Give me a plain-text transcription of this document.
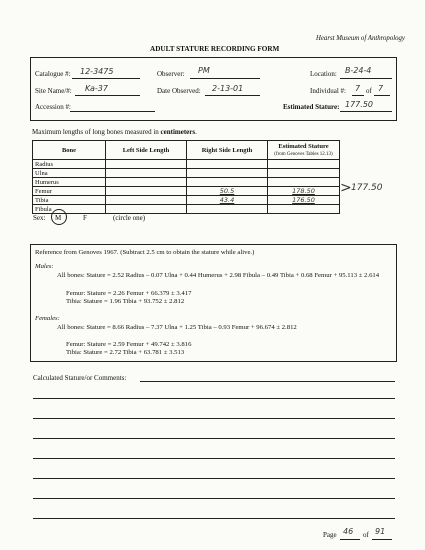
Hearst Museum of Anthropology
ADULT STATURE RECORDING FORM
Catalogue #: 12-3475	Observer: PM	Location: B-24-4
Site Name/#: Ka-37	Date Observed: 2-13-01	Individual #: 7 of 7
Accession #:	Estimated Stature: 177.50
Maximum lengths of long bones measured in centimeters.
Bone	Left Side Length	Right Side Length	Estimated Stature
(from Genoves Tables 12.13)
Radius			
Ulna			
Humerus			
Femur		50.5	178.50
Tibia		43.4	176.50
Fibula			
> 177.50
Sex: M	F	(circle one)
Reference from Genoves 1967. (Subtract 2.5 cm to obtain the stature while alive.)
Males:
All bones: Stature = 2.52 Radius – 0.07 Ulna + 0.44 Humerus + 2.98 Fibula – 0.49 Tibia + 0.68 Femur + 95.113 ± 2.614
Femur: Stature = 2.26 Femur + 66.379 ± 3.417
Tibia: Stature = 1.96 Tibia + 93.752 ± 2.812
Females:
All bones: Stature = 8.66 Radius – 7.37 Ulna + 1.25 Tibia – 0.93 Femur + 96.674 ± 2.812
Femur: Stature = 2.59 Femur + 49.742 ± 3.816
Tibia: Stature = 2.72 Tibia + 63.781 ± 3.513
Calculated Stature/or Comments:
Page 46 of 91
